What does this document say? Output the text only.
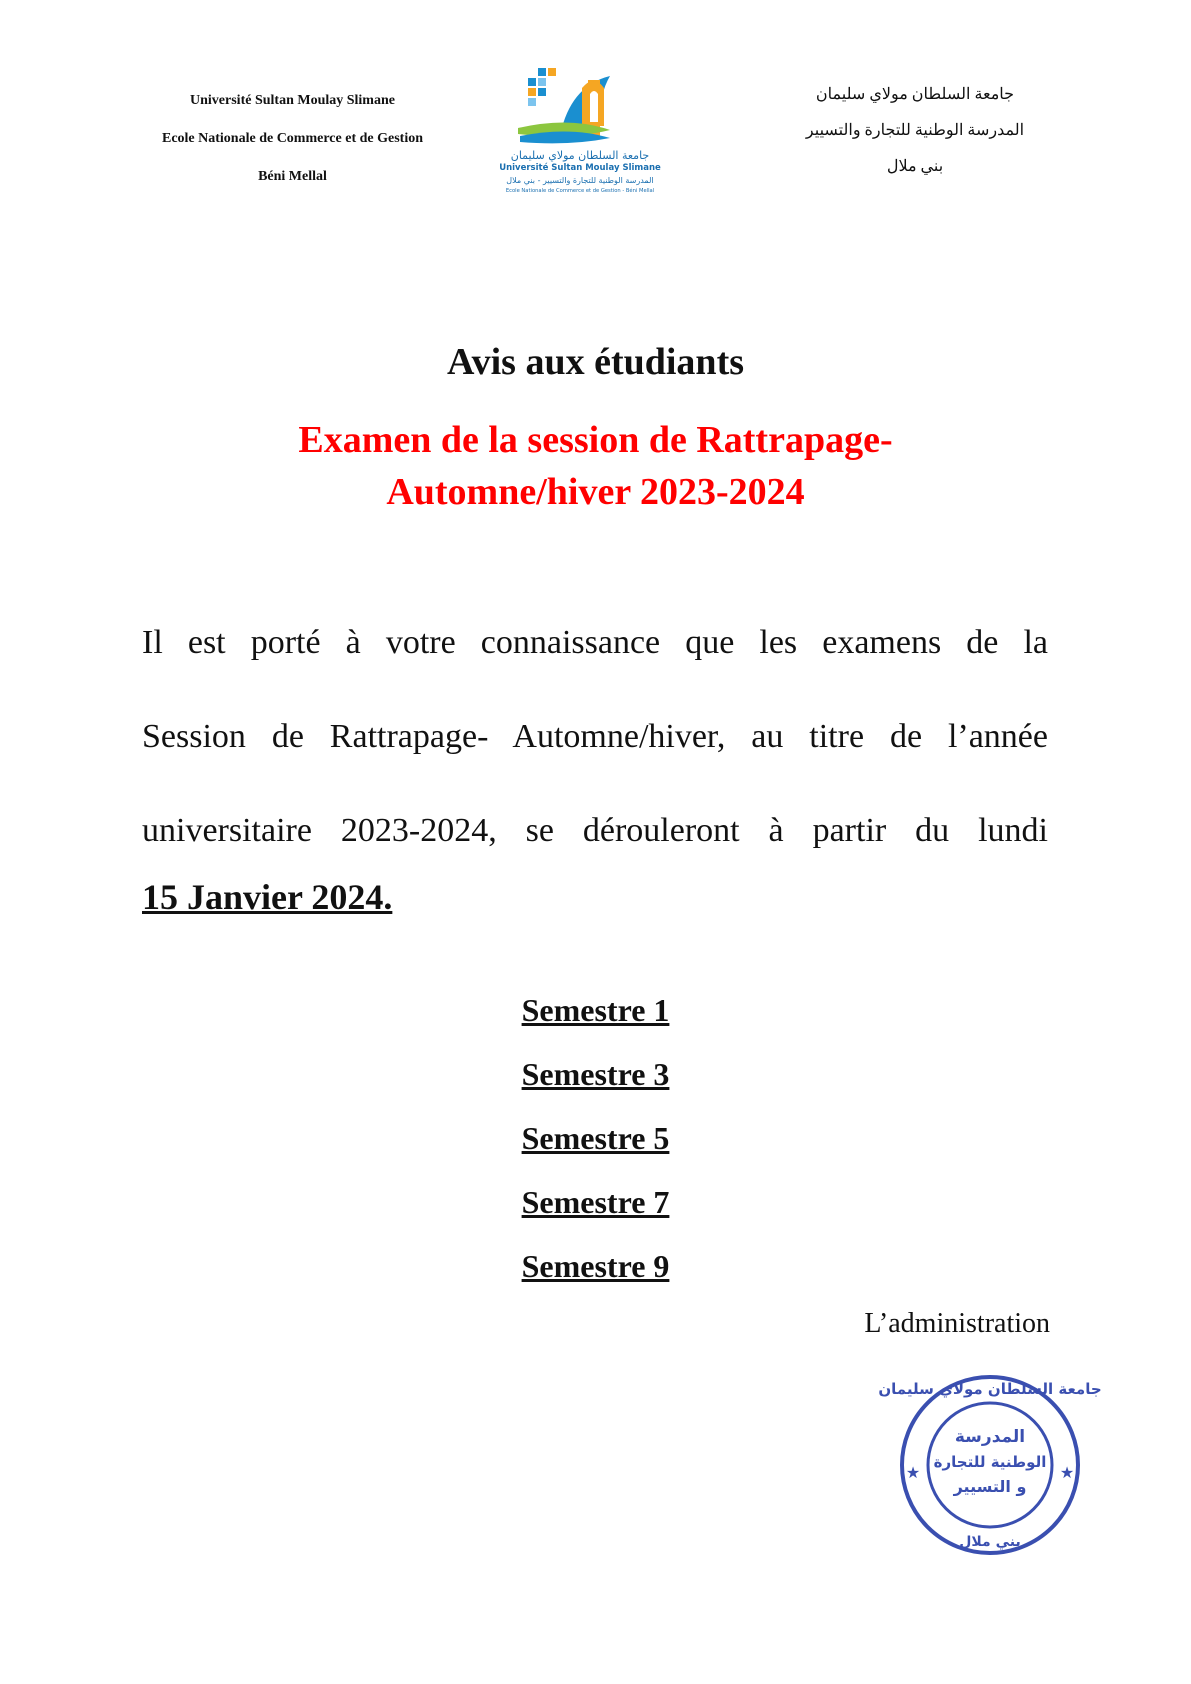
Université Sultan Moulay Slimane
Ecole Nationale de Commerce et de Gestion
Béni Mellal
جامعة السلطان مولاي سليمان
Université Sultan Moulay Slimane
المدرسة الوطنية للتجارة والتسيير - بني ملال
Ecole Nationale de Commerce et de Gestion - Béni Mellal
جامعة السلطان مولاي سليمان
المدرسة الوطنية للتجارة والتسيير
بني ملال
Avis aux étudiants
Examen de la session de Rattrapage-
Automne/hiver 2023-2024
Il est porté à votre connaissance que les examens de la
Session de Rattrapage- Automne/hiver, au titre de l’année
universitaire 2023-2024, se dérouleront à partir du lundi
15 Janvier 2024.
Semestre 1
Semestre 3
Semestre 5
Semestre 7
Semestre 9
L’administration
جامعة السلطان مولاي سليمان
المدرسة
الوطنية للتجارة
و التسيير
بني ملال
★	★
